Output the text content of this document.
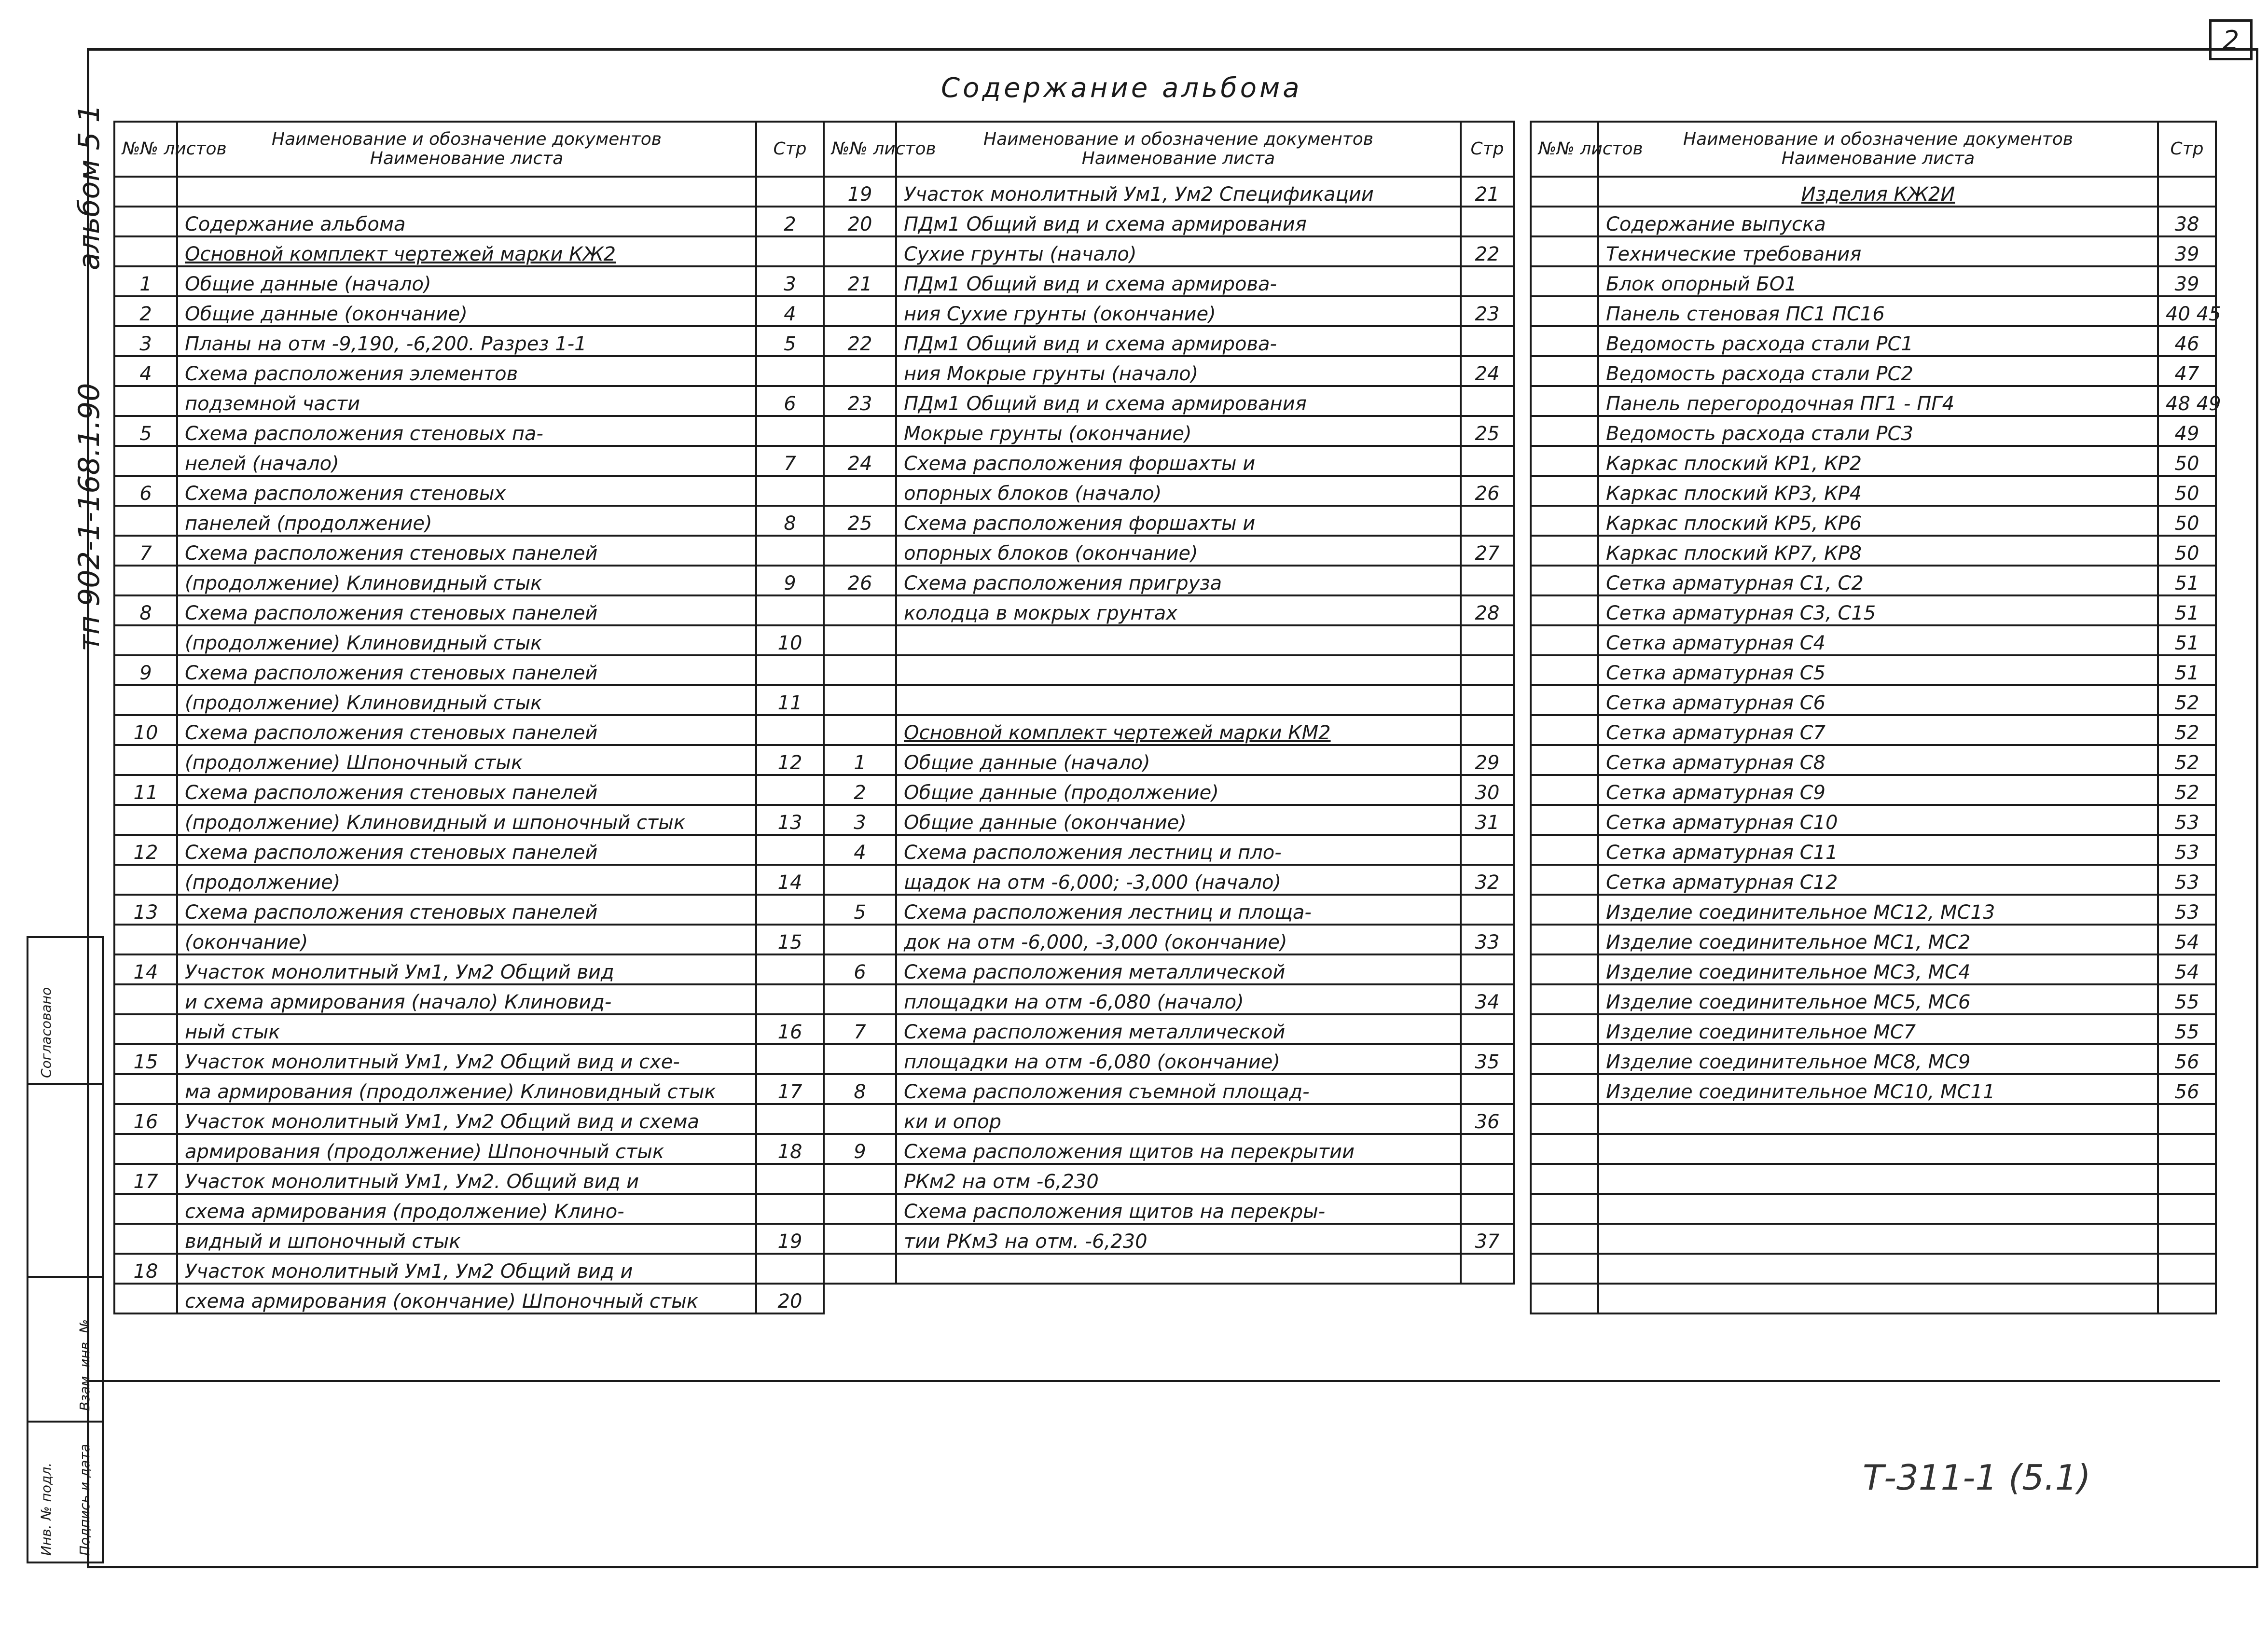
2
Содержание альбома
альбом 5 1
тп 902-1-168.1.90
№№ листов	Наименование и обозначение документов
Наименование листа	Стр

	Содержание альбома	2
	Основной комплект чертежей марки КЖ2	
1	Общие данные (начало)	3
2	Общие данные (окончание)	4
3	Планы на отм -9,190, -6,200. Разрез 1-1	5
4	Схема расположения элементов	
	подземной части	6
5	Схема расположения стеновых па-	
	нелей (начало)	7
6	Схема расположения стеновых	
	панелей (продолжение)	8
7	Схема расположения стеновых панелей	
	(продолжение) Клиновидный стык	9
8	Схема расположения стеновых панелей	
	(продолжение) Клиновидный стык	10
9	Схема расположения стеновых панелей	
	(продолжение) Клиновидный стык	11
10	Схема расположения стеновых панелей	
	(продолжение) Шпоночный стык	12
11	Схема расположения стеновых панелей	
	(продолжение) Клиновидный и шпоночный стык	13
12	Схема расположения стеновых панелей	
	(продолжение)	14
13	Схема расположения стеновых панелей	
	(окончание)	15
14	Участок монолитный Ум1, Ум2 Общий вид	
	и схема армирования (начало) Клиновид-	
	ный стык	16
15	Участок монолитный Ум1, Ум2 Общий вид и схе-	
	ма армирования (продолжение) Клиновидный стык	17
16	Участок монолитный Ум1, Ум2 Общий вид и схема	
	армирования (продолжение) Шпоночный стык	18
17	Участок монолитный Ум1, Ум2. Общий вид и	
	схема армирования (продолжение) Клино-	
	видный и шпоночный стык	19
18	Участок монолитный Ум1, Ум2 Общий вид и	
	схема армирования (окончание) Шпоночный стык	20
№№ листов	Наименование и обозначение документов
Наименование листа	Стр
19	Участок монолитный Ум1, Ум2 Спецификации	21
20	ПДм1 Общий вид и схема армирования	
	Сухие грунты (начало)	22
21	ПДм1 Общий вид и схема армирова-	
	ния Сухие грунты (окончание)	23
22	ПДм1 Общий вид и схема армирова-	
	ния Мокрые грунты (начало)	24
23	ПДм1 Общий вид и схема армирования	
	Мокрые грунты (окончание)	25
24	Схема расположения форшахты и	
	опорных блоков (начало)	26
25	Схема расположения форшахты и	
	опорных блоков (окончание)	27
26	Схема расположения пригруза	
	колодца в мокрых грунтах	28

	Основной комплект чертежей марки КМ2	
1	Общие данные (начало)	29
2	Общие данные (продолжение)	30
3	Общие данные (окончание)	31
4	Схема расположения лестниц и пло-	
	щадок на отм -6,000; -3,000 (начало)	32
5	Схема расположения лестниц и площа-	
	док на отм -6,000, -3,000 (окончание)	33
6	Схема расположения металлической	
	площадки на отм -6,080 (начало)	34
7	Схема расположения металлической	
	площадки на отм -6,080 (окончание)	35
8	Схема расположения съемной площад-	
	ки и опор	36
9	Схема расположения щитов на перекрытии	
	РКм2 на отм -6,230	
	Схема расположения щитов на перекры-	
	тии РКм3 на отм. -6,230	37

№№ листов	Наименование и обозначение документов
Наименование листа	Стр
	Изделия КЖ2И	
	Содержание выпуска	38
	Технические требования	39
	Блок опорный БО1	39
	Панель стеновая ПС1 ПС16	40 45
	Ведомость расхода стали РС1	46
	Ведомость расхода стали РС2	47
	Панель перегородочная ПГ1 - ПГ4	48 49
	Ведомость расхода стали РС3	49
	Каркас плоский КР1, КР2	50
	Каркас плоский КР3, КР4	50
	Каркас плоский КР5, КР6	50
	Каркас плоский КР7, КР8	50
	Сетка арматурная С1, С2	51
	Сетка арматурная С3, С15	51
	Сетка арматурная С4	51
	Сетка арматурная С5	51
	Сетка арматурная С6	52
	Сетка арматурная С7	52
	Сетка арматурная С8	52
	Сетка арматурная С9	52
	Сетка арматурная С10	53
	Сетка арматурная С11	53
	Сетка арматурная С12	53
	Изделие соединительное МС12, МС13	53
	Изделие соединительное МС1, МС2	54
	Изделие соединительное МС3, МС4	54
	Изделие соединительное МС5, МС6	55
	Изделие соединительное МС7	55
	Изделие соединительное МС8, МС9	56
	Изделие соединительное МС10, МС11	56

Согласовано
Взам. инв. №
Подпись и дата
Инв. № подл.	Т-311-1 (5.1)
